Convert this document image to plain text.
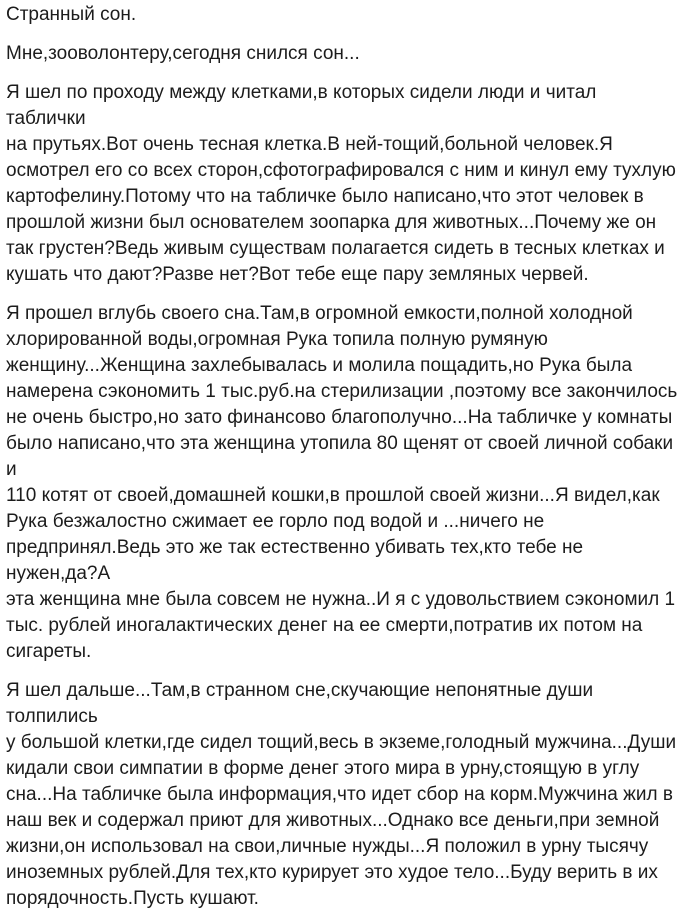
Странный сон.

Мне,зооволонтеру,сегодня снился сон...

Я шел по проходу между клетками,в которых сидели люди и читал таблички
на прутьях.Вот очень тесная клетка.В ней-тощий,больной человек.Я
осмотрел его со всех сторон,сфотографировался с ним и кинул ему тухлую
картофелину.Потому что на табличке было написано,что этот человек в
прошлой жизни был основателем зоопарка для животных...Почему же он
так грустен?Ведь живым существам полагается сидеть в тесных клетках и
кушать что дают?Разве нет?Вот тебе еще пару земляных червей.

Я прошел вглубь своего сна.Там,в огромной емкости,полной холодной
хлорированной воды,огромная Рука топила полную румяную
женщину...Женщина захлебывалась и молила пощадить,но Рука была
намерена сэкономить 1 тыс.руб.на стерилизации ,поэтому все закончилось
не очень быстро,но зато финансово благополучно...На табличке у комнаты
было написано,что эта женщина утопила 80 щенят от своей личной собаки и
110 котят от своей,домашней кошки,в прошлой своей жизни...Я видел,как
Рука безжалостно сжимает ее горло под водой и ...ничего не
предпринял.Ведь это же так естественно убивать тех,кто тебе не нужен,да?А
эта женщина мне была совсем не нужна..И я с удовольствием сэкономил 1
тыс. рублей иногалактических денег на ее смерти,потратив их потом на
сигареты.

Я шел дальше...Там,в странном сне,скучающие непонятные души толпились
у большой клетки,где сидел тощий,весь в экземе,голодный мужчина...Души
кидали свои симпатии в форме денег этого мира в урну,стоящую в углу
сна...На табличке была информация,что идет сбор на корм.Мужчина жил в
наш век и содержал приют для животных...Однако все деньги,при земной
жизни,он использовал на свои,личные нужды...Я положил в урну тысячу
иноземных рублей.Для тех,кто курирует это худое тело...Буду верить в их
порядочность.Пусть кушают.
